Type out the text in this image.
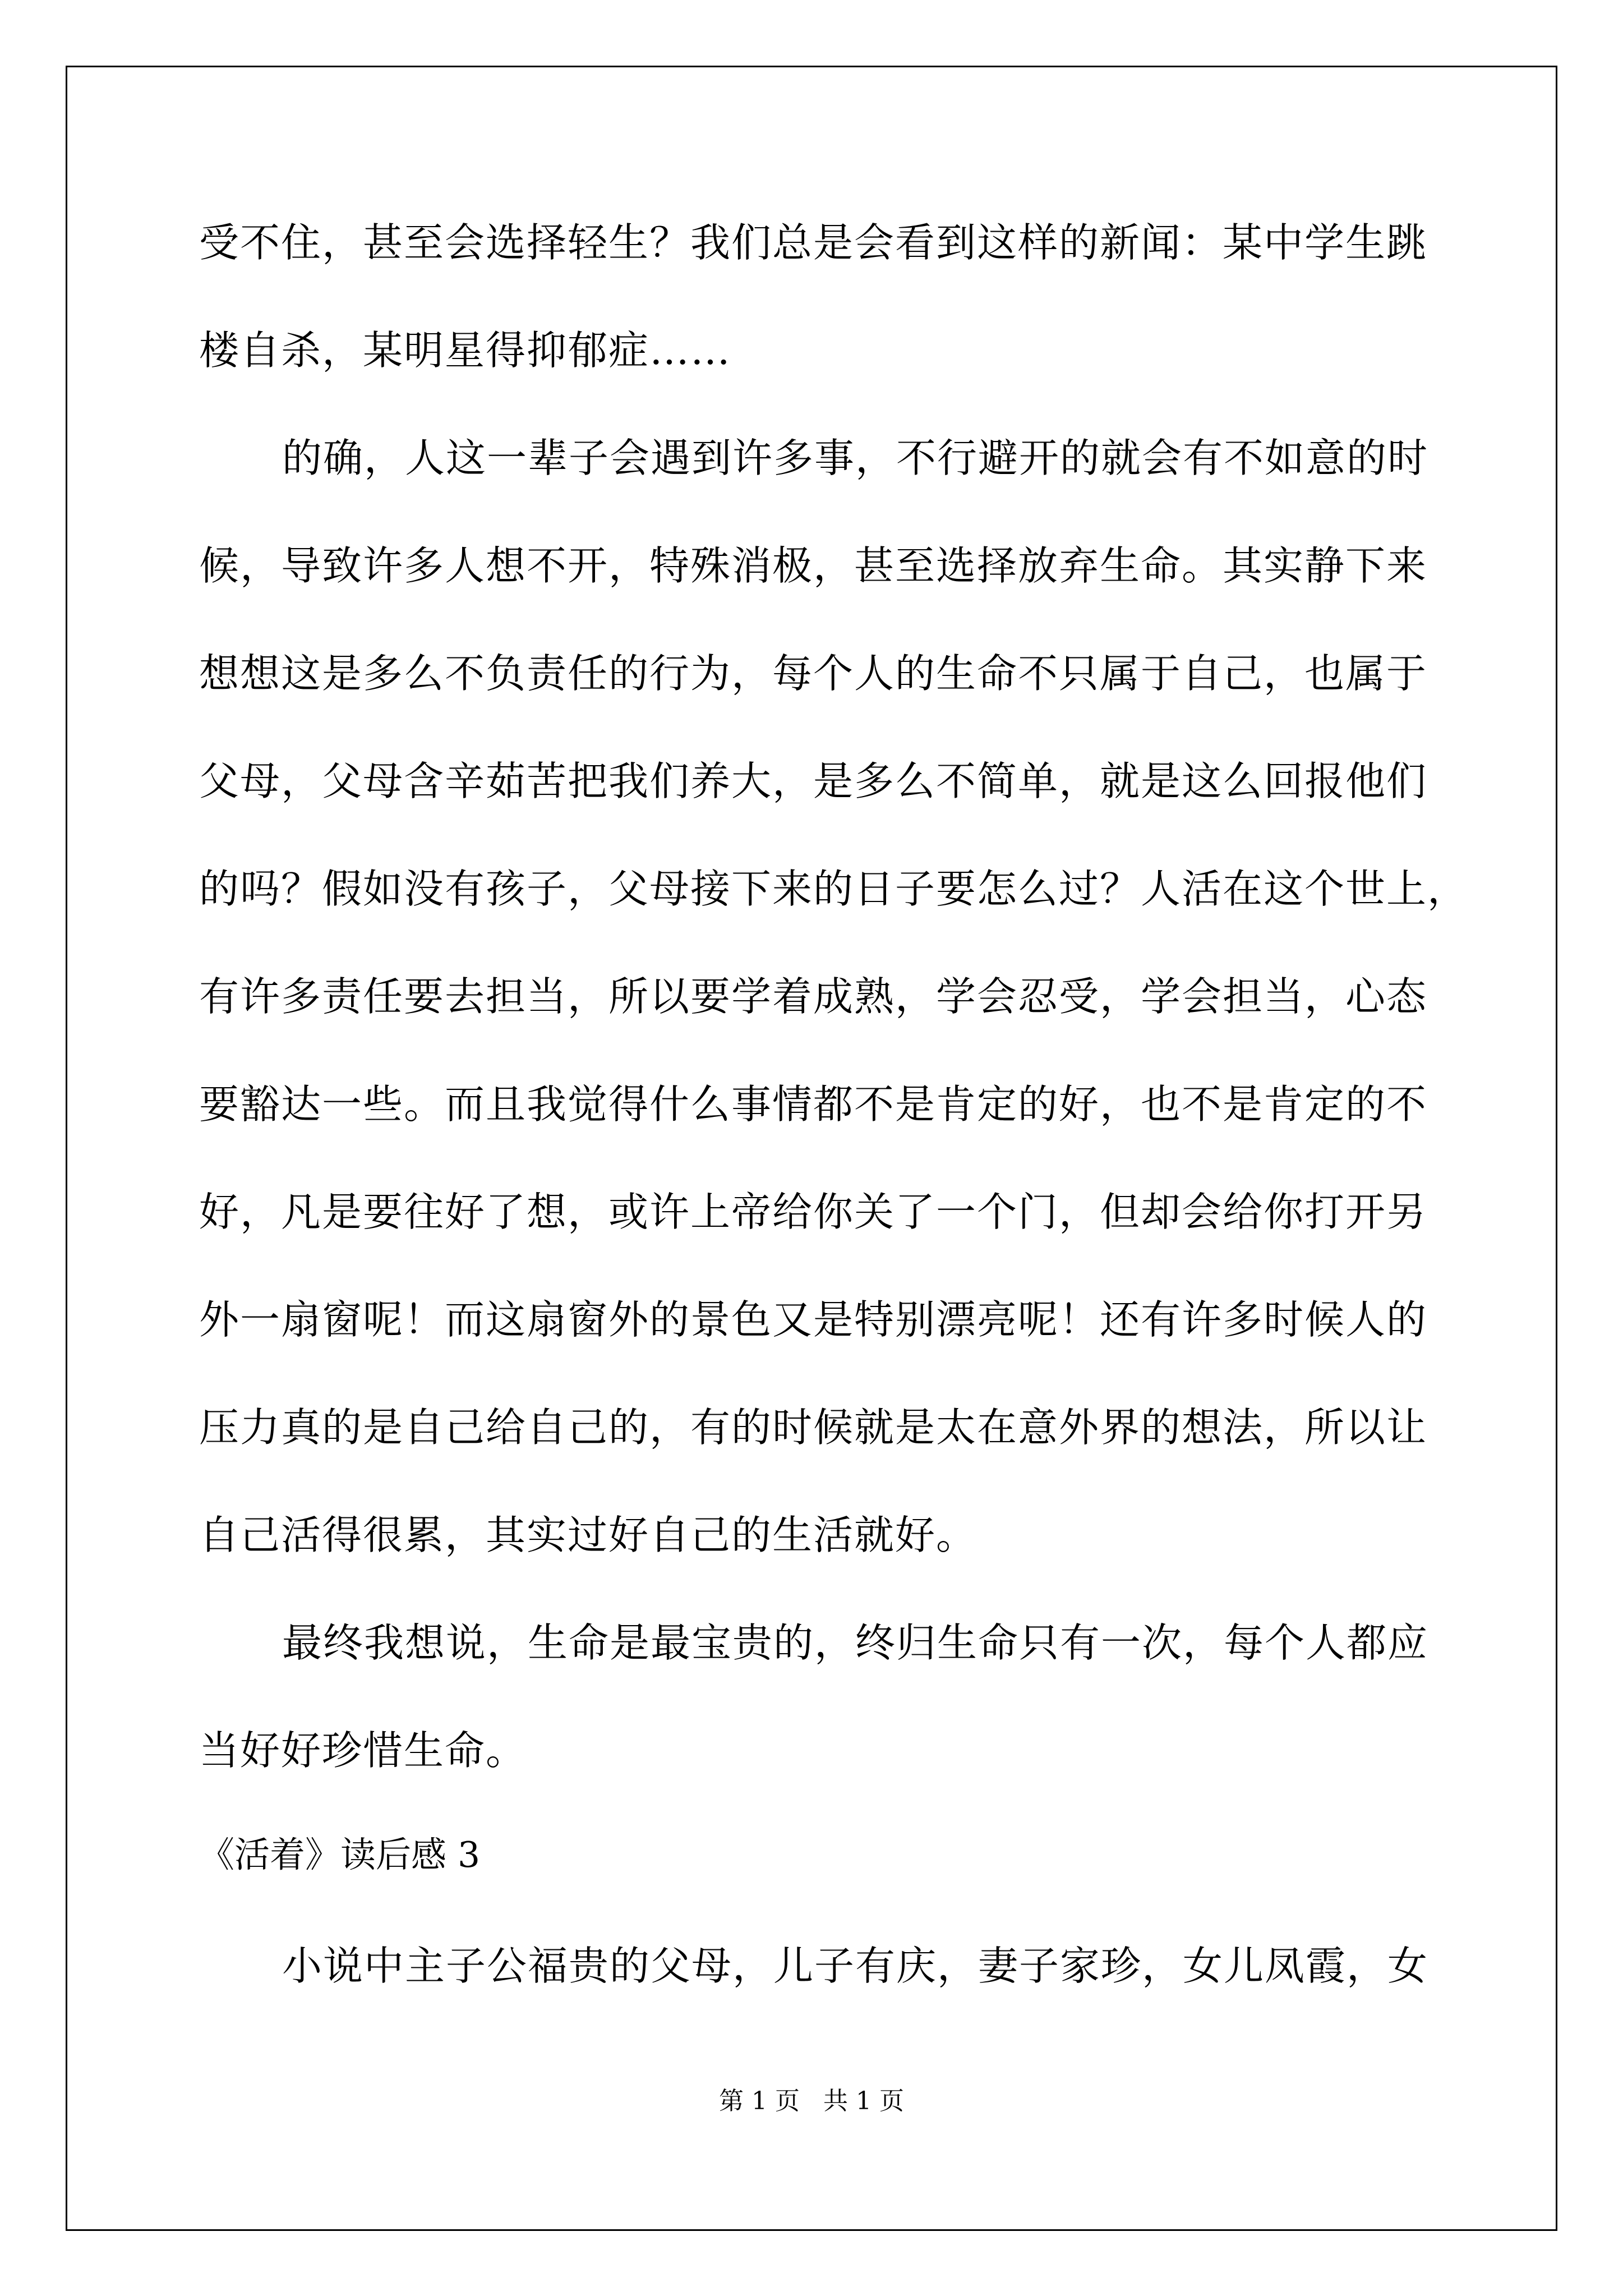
受不住，甚至会选择轻生？我们总是会看到这样的新闻：某中学生跳
楼自杀，某明星得抑郁症……
的确，人这一辈子会遇到许多事，不行避开的就会有不如意的时
候，导致许多人想不开，特殊消极，甚至选择放弃生命。其实静下来
想想这是多么不负责任的行为，每个人的生命不只属于自己，也属于
父母，父母含辛茹苦把我们养大，是多么不简单，就是这么回报他们
的吗？假如没有孩子，父母接下来的日子要怎么过？人活在这个世上，
有许多责任要去担当，所以要学着成熟，学会忍受，学会担当，心态
要豁达一些。而且我觉得什么事情都不是肯定的好，也不是肯定的不
好，凡是要往好了想，或许上帝给你关了一个门，但却会给你打开另
外一扇窗呢！而这扇窗外的景色又是特别漂亮呢！还有许多时候人的
压力真的是自己给自己的，有的时候就是太在意外界的想法，所以让
自己活得很累，其实过好自己的生活就好。
最终我想说，生命是最宝贵的，终归生命只有一次，每个人都应
当好好珍惜生命。
《活着》读后感 3
小说中主子公福贵的父母，儿子有庆，妻子家珍，女儿凤霞，女
第 1 页 共 1 页
